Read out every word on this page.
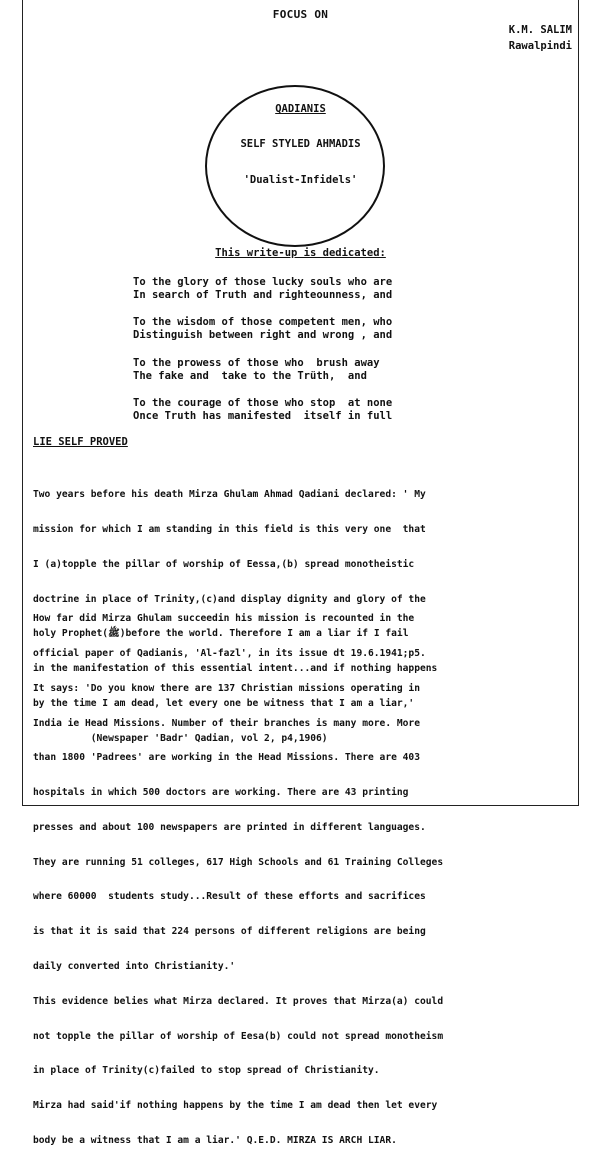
FOCUS ON
K.M. SALIM
Rawalpindi
QADIANIS
SELF STYLED AHMADIS
'Dualist-Infidels'
This write-up is dedicated:
To the glory of those lucky souls who are
In search of Truth and righteounness, and
To the wisdom of those competent men, who
Distinguish between right and wrong , and
To the prowess of those who  brush away
The fake and  take to the Trüth,  and
To the courage of those who stop  at none
Once Truth has manifested  itself in full
LIE SELF PROVED

Two years before his death Mirza Ghulam Ahmad Qadiani declared: ' My

mission for which I am standing in this field is this very one  that

I (a)topple the pillar of worship of Eessa,(b) spread monotheistic

doctrine in place of Trinity,(c)and display dignity and glory of the

holy Prophet(ﷺ)before the world. Therefore I am a liar if I fail

in the manifestation of this essential intent...and if nothing happens

by the time I am dead, let every one be witness that I am a liar,'

(Newspaper 'Badr' Qadian, vol 2, p4,1906)

How far did Mirza Ghulam succeedin his mission is recounted in the

official paper of Qadianis, 'Al-fazl', in its issue dt 19.6.1941;p5.

It says: 'Do you know there are 137 Christian missions operating in

India ie Head Missions. Number of their branches is many more. More

than 1800 'Padrees' are working in the Head Missions. There are 403

hospitals in which 500 doctors are working. There are 43 printing

presses and about 100 newspapers are printed in different languages.

They are running 51 colleges, 617 High Schools and 61 Training Colleges

where 60000  students study...Result of these efforts and sacrifices

is that it is said that 224 persons of different religions are being

daily converted into Christianity.'

This evidence belies what Mirza declared. It proves that Mirza(a) could

not topple the pillar of worship of Eesa(b) could not spread monotheism

in place of Trinity(c)failed to stop spread of Christianity.

Mirza had said'if nothing happens by the time I am dead then let every

body be a witness that I am a liar.' Q.E.D. MIRZA IS ARCH LIAR.
